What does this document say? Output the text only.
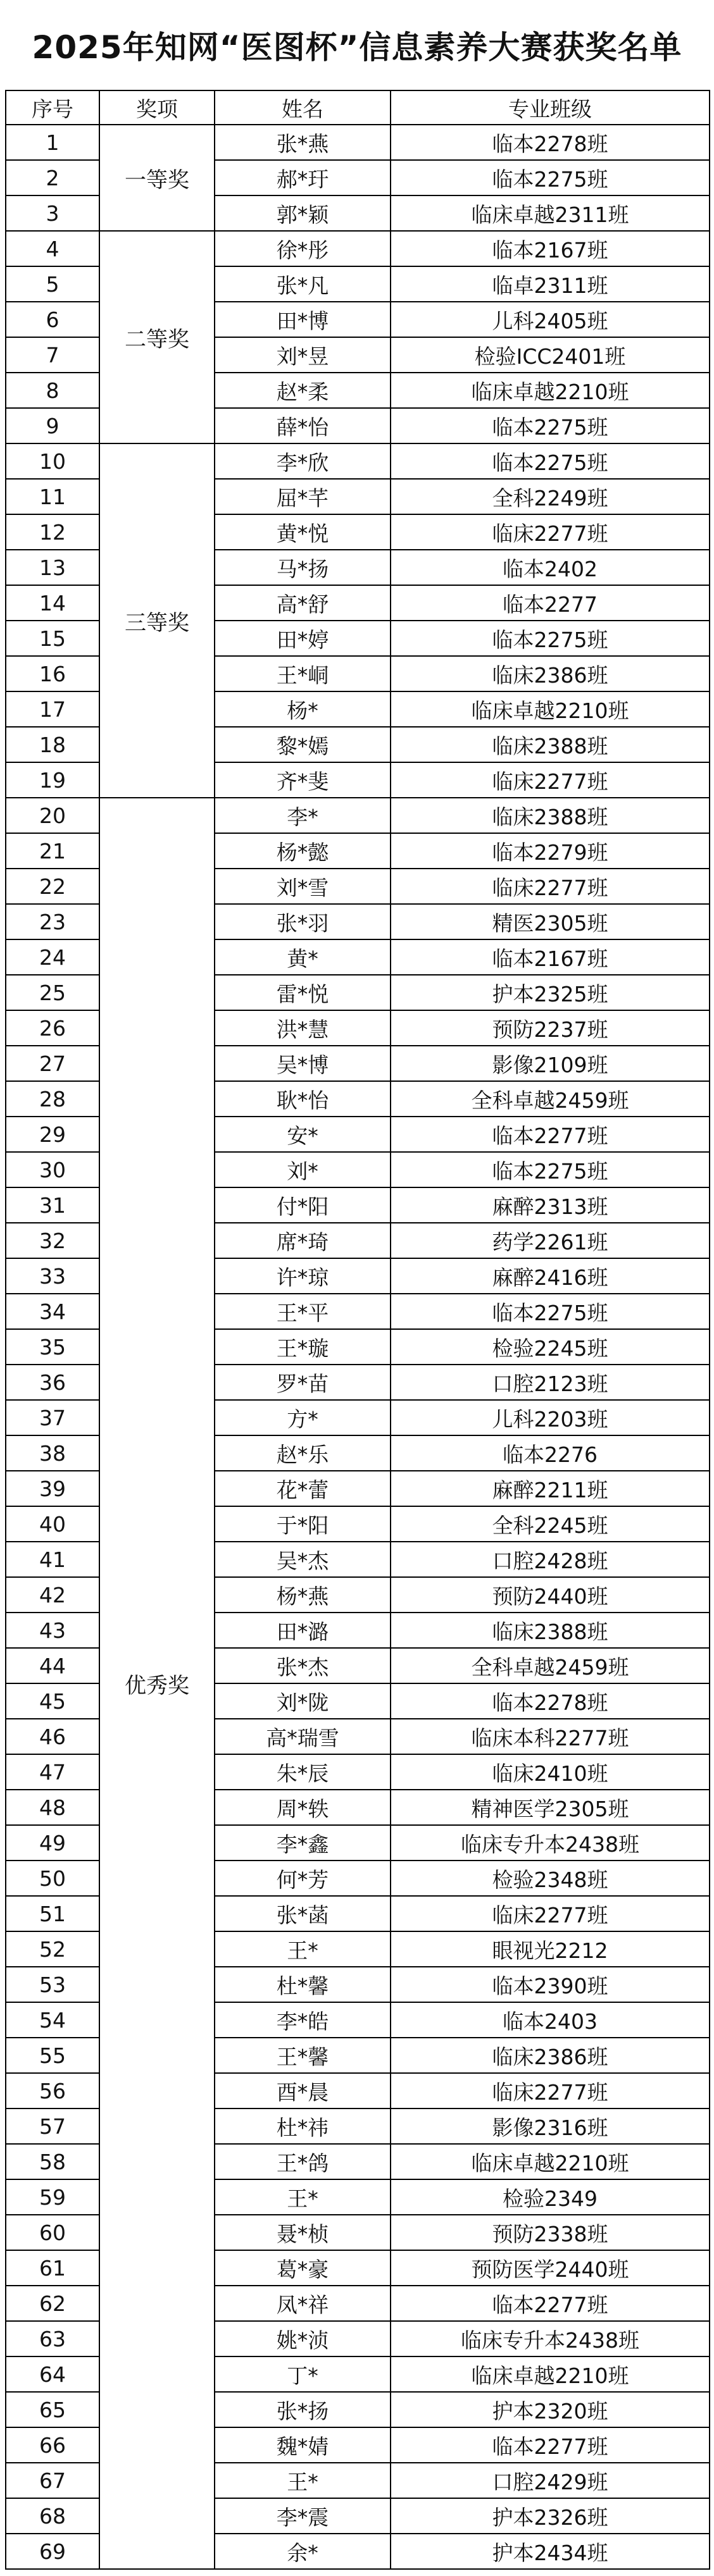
2025年知网“医图杯”信息素养大赛获奖名单
序号	奖项	姓名	专业班级
1	一等奖	张*燕	临本2278班
2		郝*玗	临本2275班
3		郭*颖	临床卓越2311班
4	二等奖	徐*彤	临本2167班
5		张*凡	临卓2311班
6		田*博	儿科2405班
7		刘*昱	检验ICC2401班
8		赵*柔	临床卓越2210班
9		薛*怡	临本2275班
10	三等奖	李*欣	临本2275班
11		屈*芊	全科2249班
12		黄*悦	临床2277班
13		马*扬	临本2402
14		高*舒	临本2277
15		田*婷	临本2275班
16		王*峒	临床2386班
17		杨*	临床卓越2210班
18		黎*嫣	临床2388班
19		齐*斐	临床2277班
20	优秀奖	李*	临床2388班
21		杨*懿	临本2279班
22		刘*雪	临床2277班
23		张*羽	精医2305班
24		黄*	临本2167班
25		雷*悦	护本2325班
26		洪*慧	预防2237班
27		吴*博	影像2109班
28		耿*怡	全科卓越2459班
29		安*	临本2277班
30		刘*	临本2275班
31		付*阳	麻醉2313班
32		席*琦	药学2261班
33		许*琼	麻醉2416班
34		王*平	临本2275班
35		王*璇	检验2245班
36		罗*苗	口腔2123班
37		方*	儿科2203班
38		赵*乐	临本2276
39		花*蕾	麻醉2211班
40		于*阳	全科2245班
41		吴*杰	口腔2428班
42		杨*燕	预防2440班
43		田*潞	临床2388班
44		张*杰	全科卓越2459班
45		刘*陇	临本2278班
46		高*瑞雪	临床本科2277班
47		朱*辰	临床2410班
48		周*轶	精神医学2305班
49		李*鑫	临床专升本2438班
50		何*芳	检验2348班
51		张*菡	临床2277班
52		王*	眼视光2212
53		杜*馨	临本2390班
54		李*皓	临本2403
55		王*馨	临床2386班
56		酉*晨	临床2277班
57		杜*祎	影像2316班
58		王*鸽	临床卓越2210班
59		王*	检验2349
60		聂*桢	预防2338班
61		葛*豪	预防医学2440班
62		凤*祥	临本2277班
63		姚*浈	临床专升本2438班
64		丁*	临床卓越2210班
65		张*扬	护本2320班
66		魏*婧	临本2277班
67		王*	口腔2429班
68		李*震	护本2326班
69		余*	护本2434班
